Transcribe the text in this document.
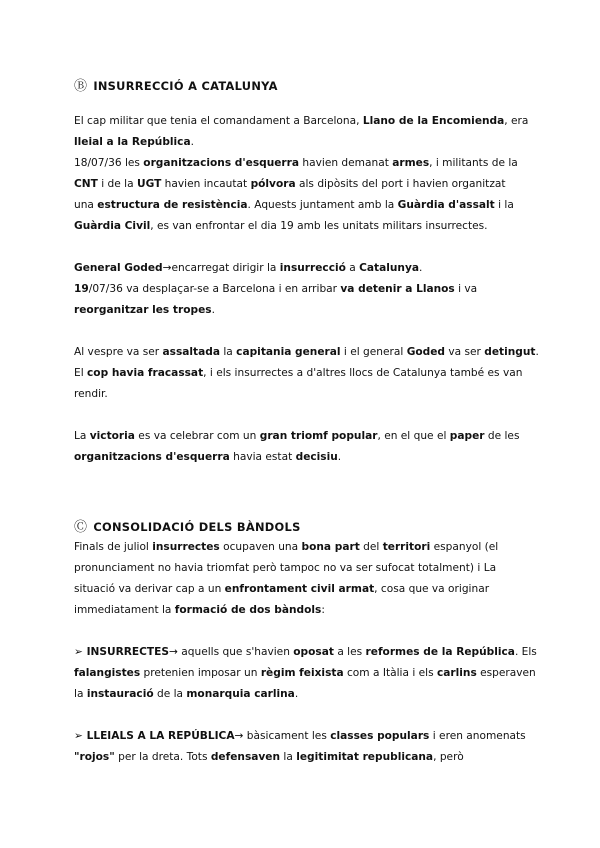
Ⓑ INSURRECCIÓ A CATALUNYA
El cap militar que tenia el comandament a Barcelona, Llano de la Encomienda, era
lleial a la República.
18/07/36 les organitzacions d'esquerra havien demanat armes, i militants de la
CNT i de la UGT havien incautat pólvora als dipòsits del port i havien organitzat
una estructura de resistència. Aquests juntament amb la Guàrdia d'assalt i la
Guàrdia Civil, es van enfrontar el dia 19 amb les unitats militars insurrectes.
General Goded→encarregat dirigir la insurrecció a Catalunya.
19/07/36 va desplaçar-se a Barcelona i en arribar va detenir a Llanos i va
reorganitzar les tropes.
Al vespre va ser assaltada la capitania general i el general Goded va ser detingut.
El cop havia fracassat, i els insurrectes a d'altres llocs de Catalunya també es van
rendir.
La victoria es va celebrar com un gran triomf popular, en el que el paper de les
organitzacions d'esquerra havia estat decisiu.
Ⓒ CONSOLIDACIÓ DELS BÀNDOLS
Finals de juliol insurrectes ocupaven una bona part del territori espanyol (el
pronunciament no havia triomfat però tampoc no va ser sufocat totalment) i La
situació va derivar cap a un enfrontament civil armat, cosa que va originar
immediatament la formació de dos bàndols:
➢ INSURRECTES→ aquells que s'havien oposat a les reformes de la República. Els
falangistes pretenien imposar un règim feixista com a Itàlia i els carlins esperaven
la instauració de la monarquia carlina.
➢ LLEIALS A LA REPÚBLICA→ bàsicament les classes populars i eren anomenats
"rojos" per la dreta. Tots defensaven la legitimitat republicana, però
